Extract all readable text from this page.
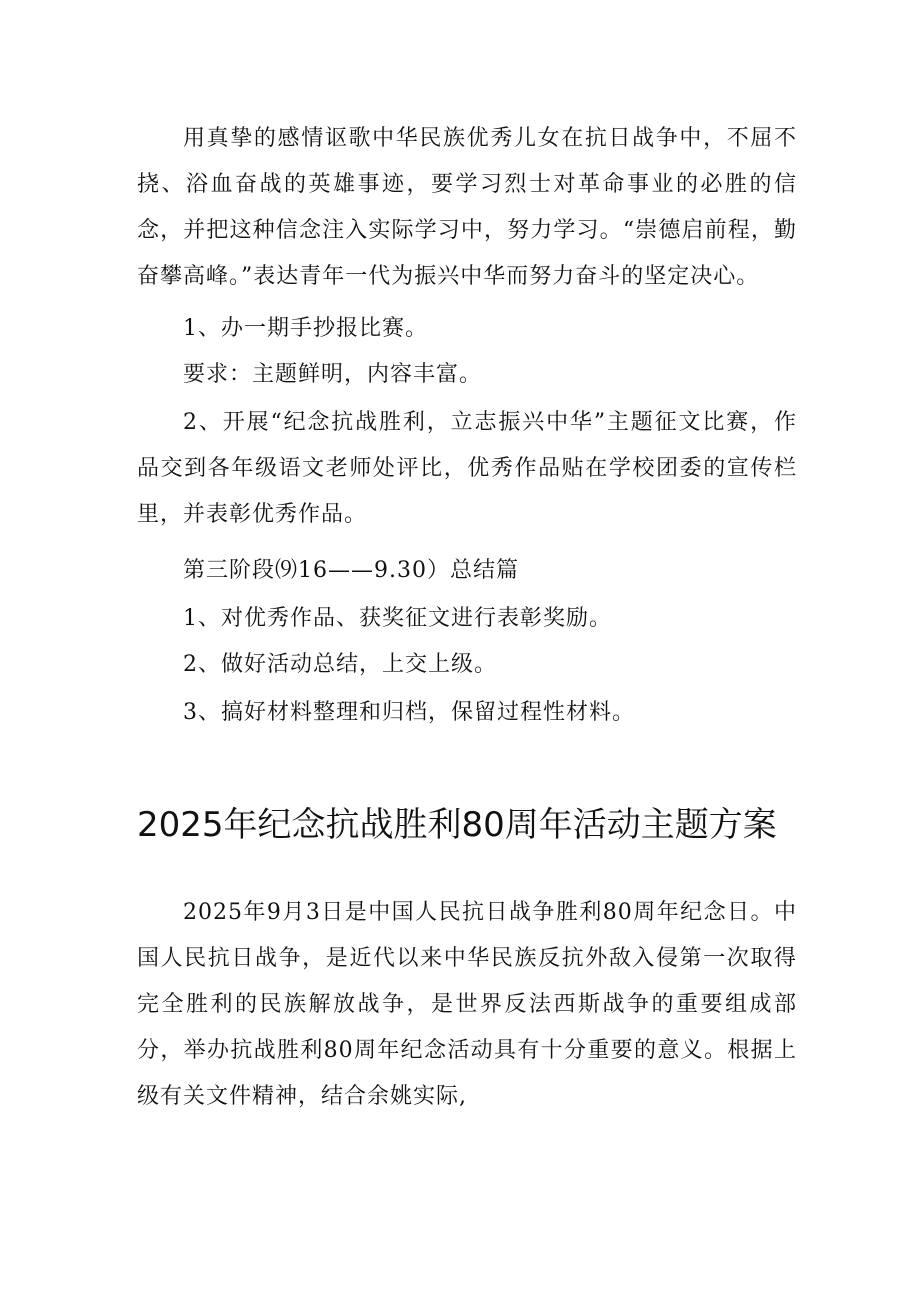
用真挚的感情讴歌中华民族优秀儿女在抗日战争中，不屈不挠、浴血奋战的英雄事迹，要学习烈士对革命事业的必胜的信念，并把这种信念注入实际学习中，努力学习。“崇德启前程，勤奋攀高峰。”表达青年一代为振兴中华而努力奋斗的坚定决心。

1、办一期手抄报比赛。

要求：主题鲜明，内容丰富。

2、开展“纪念抗战胜利，立志振兴中华”主题征文比赛，作品交到各年级语文老师处评比，优秀作品贴在学校团委的宣传栏里，并表彰优秀作品。

第三阶段⑼16——9.30）总结篇

1、对优秀作品、获奖征文进行表彰奖励。

2、做好活动总结，上交上级。

3、搞好材料整理和归档，保留过程性材料。

2025年纪念抗战胜利80周年活动主题方案

2025年9月3日是中国人民抗日战争胜利80周年纪念日。中国人民抗日战争，是近代以来中华民族反抗外敌入侵第一次取得完全胜利的民族解放战争，是世界反法西斯战争的重要组成部分，举办抗战胜利80周年纪念活动具有十分重要的意义。根据上级有关文件精神，结合余姚实际,
